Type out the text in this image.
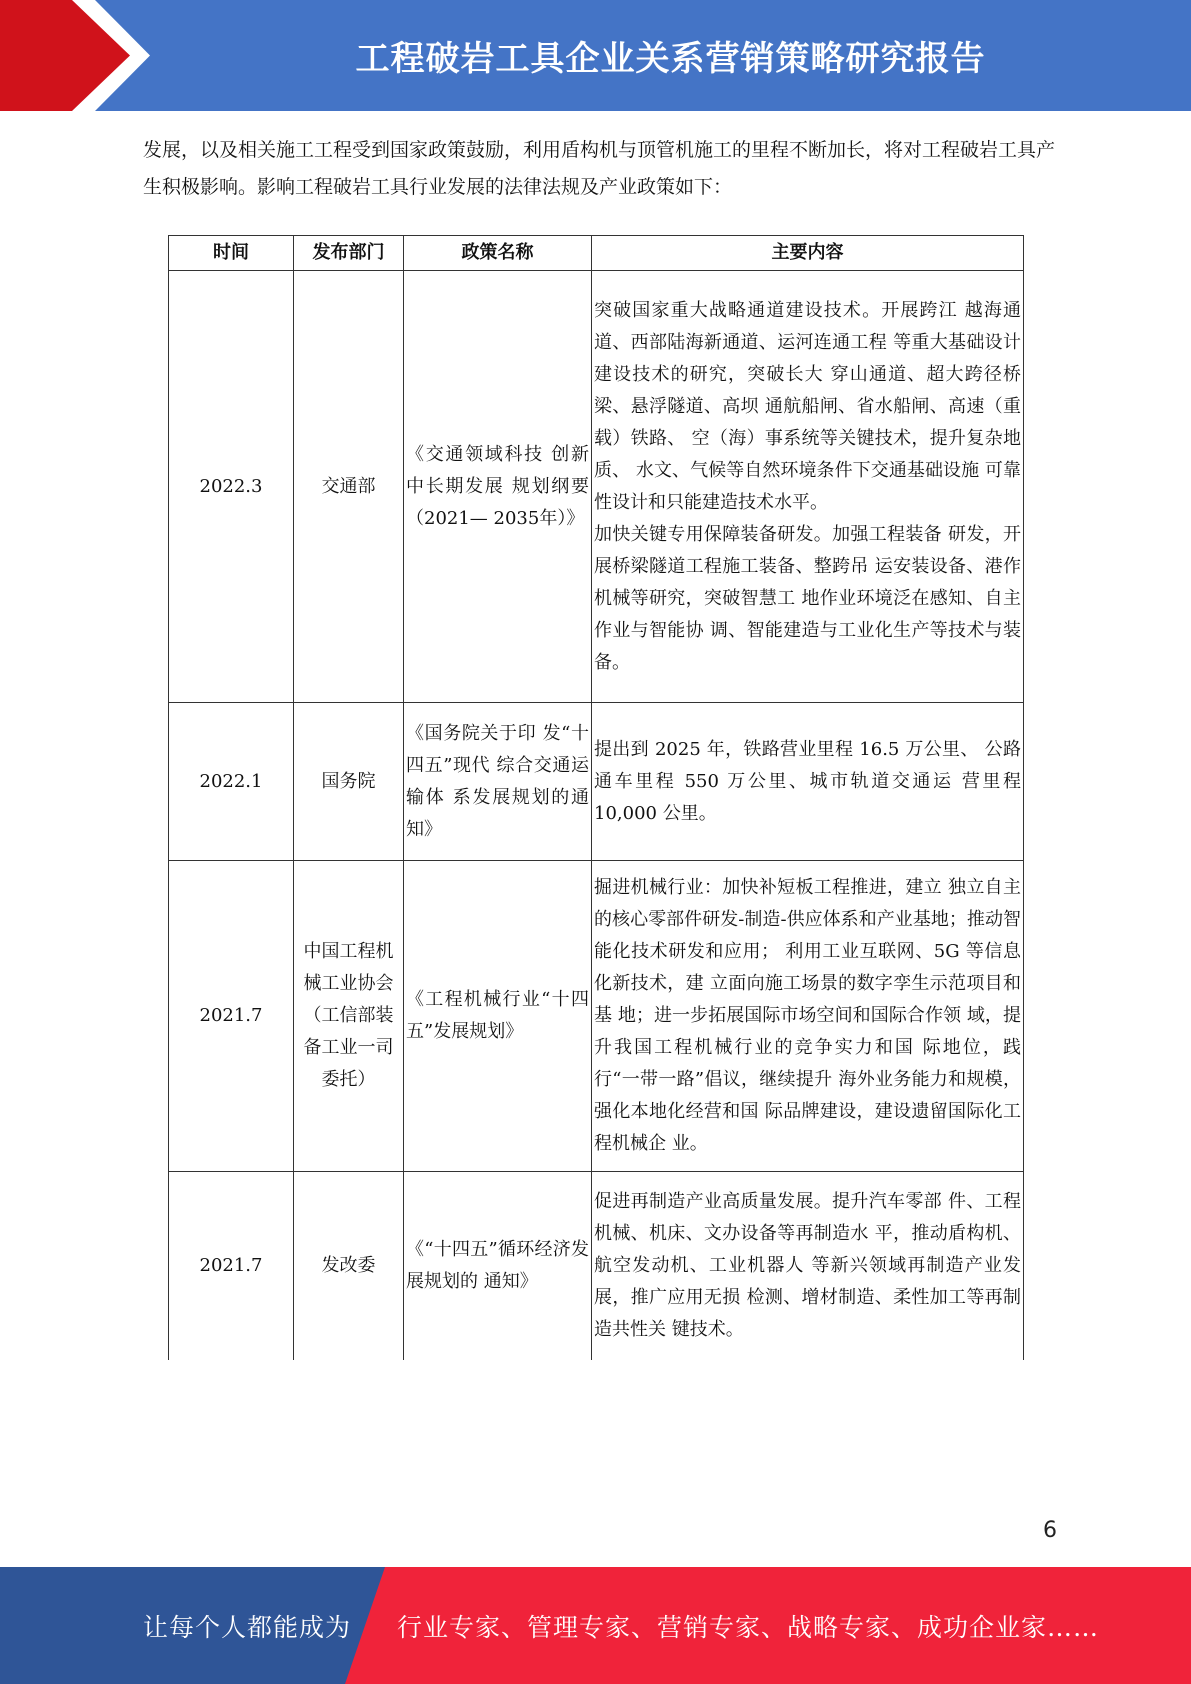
工程破岩工具企业关系营销策略研究报告

发展，以及相关施工工程受到国家政策鼓励，利用盾构机与顶管机施工的里程不断加长，将对工程破岩工具产生积极影响。影响工程破岩工具行业发展的法律法规及产业政策如下：

时间	发布部门	政策名称	主要内容
2022.3	交通部	《交通领域科技 创新中长期发展 规划纲要（2021— 2035年）》	突破国家重大战略通道建设技术。开展跨江 越海通道、西部陆海新通道、运河连通工程 等重大基础设计建设技术的研究，突破长大 穿山通道、超大跨径桥梁、悬浮隧道、高坝 通航船闸、省水船闸、高速（重载）铁路、 空（海）事系统等关键技术，提升复杂地质、 水文、气候等自然环境条件下交通基础设施 可靠性设计和只能建造技术水平。
加快关键专用保障装备研发。加强工程装备 研发，开展桥梁隧道工程施工装备、整跨吊 运安装设备、港作机械等研究，突破智慧工 地作业环境泛在感知、自主作业与智能协 调、智能建造与工业化生产等技术与装备。

2022.1	国务院	《国务院关于印 发“十四五”现代 综合交通运输体 系发展规划的通 知》	提出到 2025 年，铁路营业里程 16.5 万公里、 公路通车里程 550 万公里、城市轨道交通运 营里程 10,000 公里。

2021.7	中国工程机械工业协会（工信部装备工业一司委托）	《工程机械行业“十四五”发展规划》	掘进机械行业：加快补短板工程推进，建立 独立自主的核心零部件研发-制造-供应体系和产业基地；推动智能化技术研发和应用； 利用工业互联网、5G 等信息化新技术，建 立面向施工场景的数字孪生示范项目和基 地；进一步拓展国际市场空间和国际合作领 域，提升我国工程机械行业的竞争实力和国 际地位，践行“一带一路”倡议，继续提升 海外业务能力和规模，强化本地化经营和国 际品牌建设，建设遗留国际化工程机械企 业。

2021.7	发改委	《“十四五”循环经济发展规划的 通知》	促进再制造产业高质量发展。提升汽车零部 件、工程机械、机床、文办设备等再制造水 平，推动盾构机、航空发动机、工业机器人 等新兴领域再制造产业发展，推广应用无损 检测、增材制造、柔性加工等再制造共性关 键技术。
6
让每个人都能成为 行业专家、管理专家、营销专家、战略专家、成功企业家……
